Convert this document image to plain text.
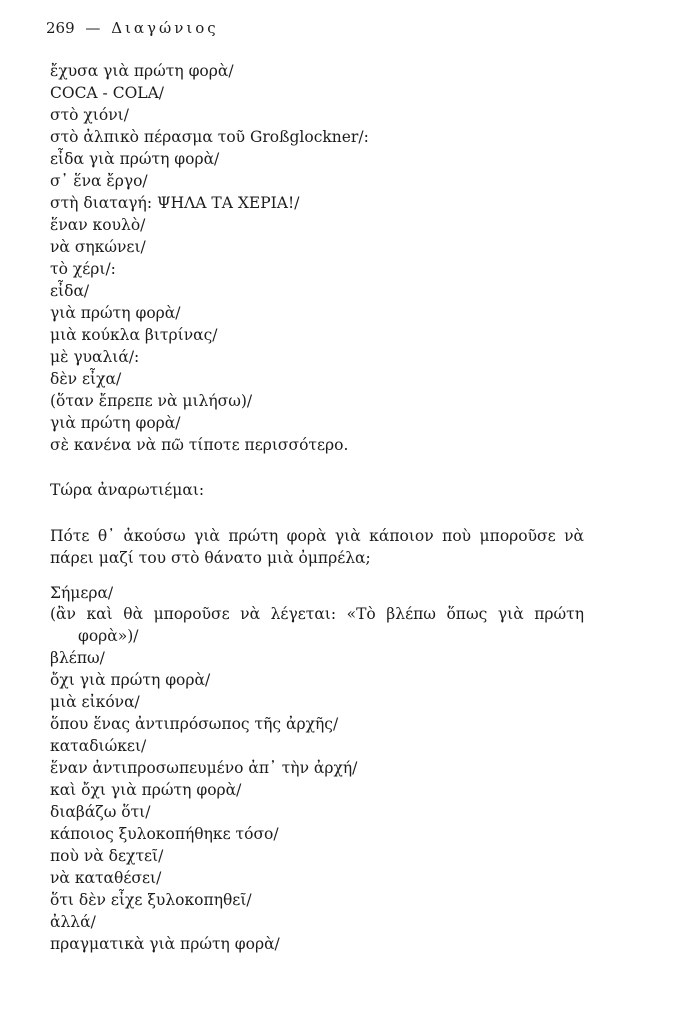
269 — Διαγώνιος
ἔχυσα γιὰ πρώτη φορὰ/
COCA - COLA/
στὸ χιόνι/
στὸ ἀλπικὸ πέρασμα τοῦ Großglockner/:
εἶδα γιὰ πρώτη φορὰ/
σ᾽ ἕνα ἔργο/
στὴ διαταγή: ΨΗΛΑ ΤΑ ΧΕΡΙΑ!/
ἕναν κουλὸ/
νὰ σηκώνει/
τὸ χέρι/:
εἶδα/
γιὰ πρώτη φορὰ/
μιὰ κούκλα βιτρίνας/
μὲ γυαλιά/:
δὲν εἶχα/
(ὅταν ἔπρεπε νὰ μιλήσω)/
γιὰ πρώτη φορὰ/
σὲ κανένα νὰ πῶ τίποτε περισσότερο.
Τώρα ἀναρωτιέμαι:
Πότε θ᾽ ἀκούσω γιὰ πρώτη φορὰ γιὰ κάποιον ποὺ μποροῦσε νὰ
πάρει μαζί του στὸ θάνατο μιὰ ὀμπρέλα;
Σήμερα/
(ἂν καὶ θὰ μποροῦσε νὰ λέγεται: «Τὸ βλέπω ὅπως γιὰ πρώτη
φορὰ»)/
βλέπω/
ὄχι γιὰ πρώτη φορὰ/
μιὰ εἰκόνα/
ὅπου ἕνας ἀντιπρόσωπος τῆς ἀρχῆς/
καταδιώκει/
ἕναν ἀντιπροσωπευμένο ἀπ᾽ τὴν ἀρχή/
καὶ ὄχι γιὰ πρώτη φορὰ/
διαβάζω ὅτι/
κάποιος ξυλοκοπήθηκε τόσο/
ποὺ νὰ δεχτεῖ/
νὰ καταθέσει/
ὅτι δὲν εἶχε ξυλοκοπηθεῖ/
ἀλλά/
πραγματικὰ γιὰ πρώτη φορὰ/
